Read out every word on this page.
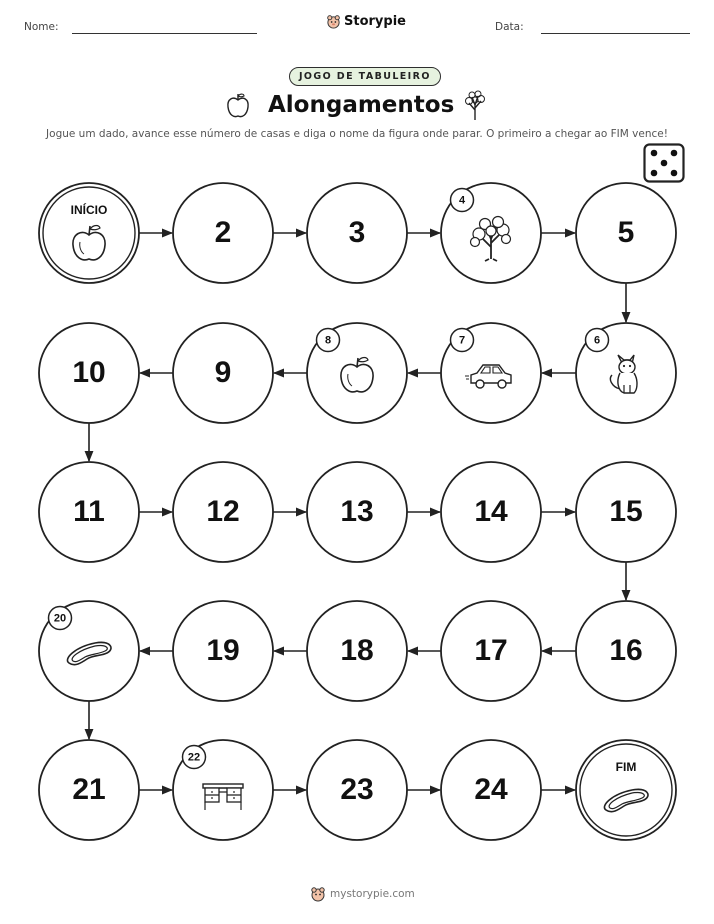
Nome:	Storypie	Data:
JOGO DE TABULEIRO
Alongamentos
Jogue um dado, avance esse número de casas e diga o nome da figura onde parar. O primeiro a chegar ao FIM vence!
INÍCIO
2	3
4
5
6
7
8
9
10
11	12	13	14	15
16
17
18
19
20
21
22
23	24
FIM
mystorypie.com
